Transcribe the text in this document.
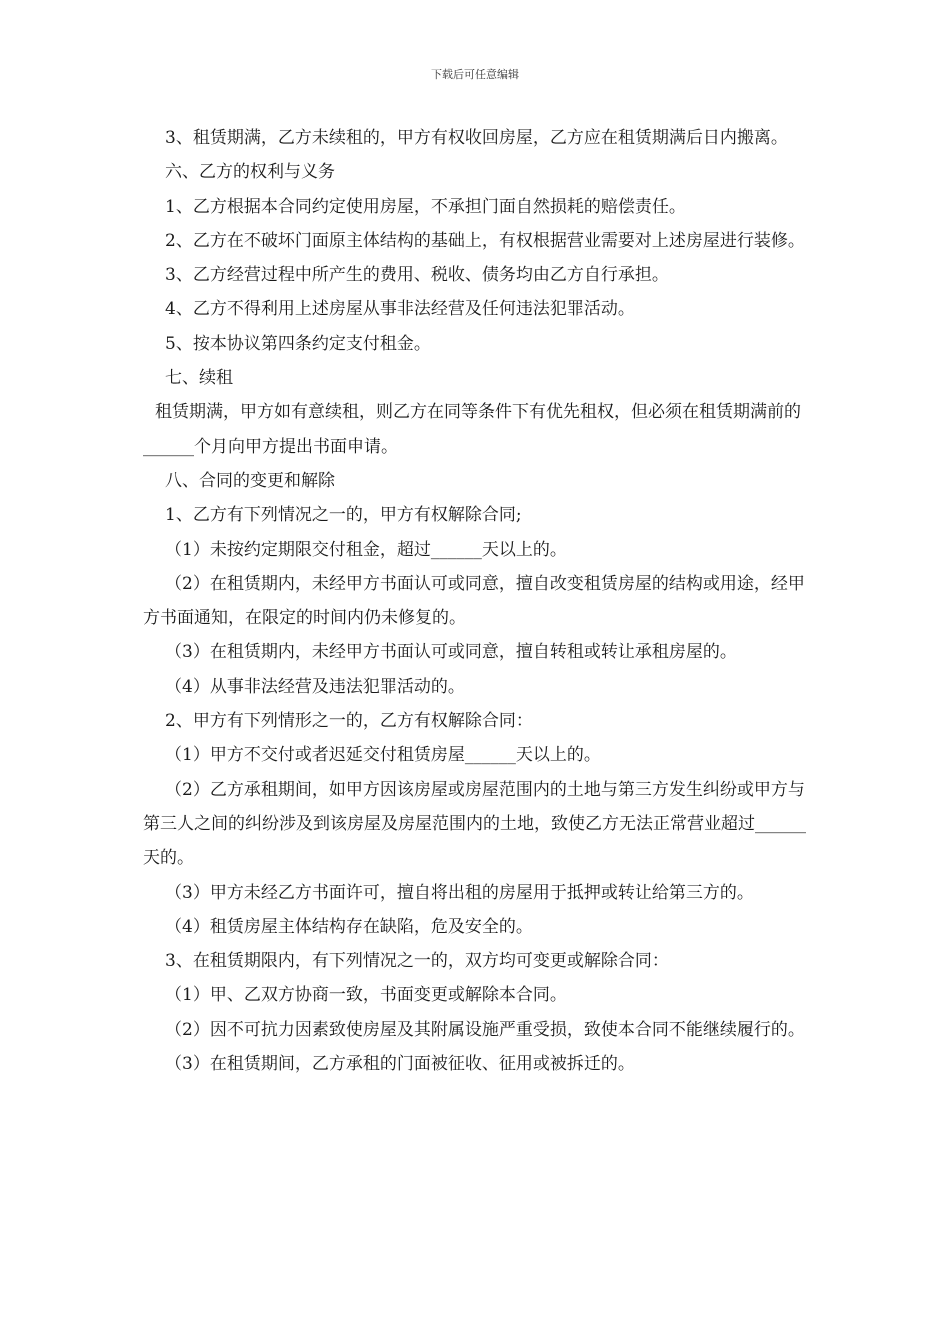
下载后可任意编辑

3、租赁期满，乙方未续租的，甲方有权收回房屋，乙方应在租赁期满后日内搬离。

六、乙方的权利与义务

1、乙方根据本合同约定使用房屋，不承担门面自然损耗的赔偿责任。

2、乙方在不破坏门面原主体结构的基础上，有权根据营业需要对上述房屋进行装修。

3、乙方经营过程中所产生的费用、税收、债务均由乙方自行承担。

4、乙方不得利用上述房屋从事非法经营及任何违法犯罪活动。

5、按本协议第四条约定支付租金。

七、续租

租赁期满，甲方如有意续租，则乙方在同等条件下有优先租权，但必须在租赁期满前的______个月向甲方提出书面申请。

八、合同的变更和解除

1、乙方有下列情况之一的，甲方有权解除合同;

（1）未按约定期限交付租金，超过______天以上的。

（2）在租赁期内，未经甲方书面认可或同意，擅自改变租赁房屋的结构或用途，经甲方书面通知，在限定的时间内仍未修复的。

（3）在租赁期内，未经甲方书面认可或同意，擅自转租或转让承租房屋的。

（4）从事非法经营及违法犯罪活动的。

2、甲方有下列情形之一的，乙方有权解除合同：

（1）甲方不交付或者迟延交付租赁房屋______天以上的。

（2）乙方承租期间，如甲方因该房屋或房屋范围内的土地与第三方发生纠纷或甲方与第三人之间的纠纷涉及到该房屋及房屋范围内的土地，致使乙方无法正常营业超过______天的。

（3）甲方未经乙方书面许可，擅自将出租的房屋用于抵押或转让给第三方的。

（4）租赁房屋主体结构存在缺陷，危及安全的。

3、在租赁期限内，有下列情况之一的，双方均可变更或解除合同：

（1）甲、乙双方协商一致，书面变更或解除本合同。

（2）因不可抗力因素致使房屋及其附属设施严重受损，致使本合同不能继续履行的。

（3）在租赁期间，乙方承租的门面被征收、征用或被拆迁的。
